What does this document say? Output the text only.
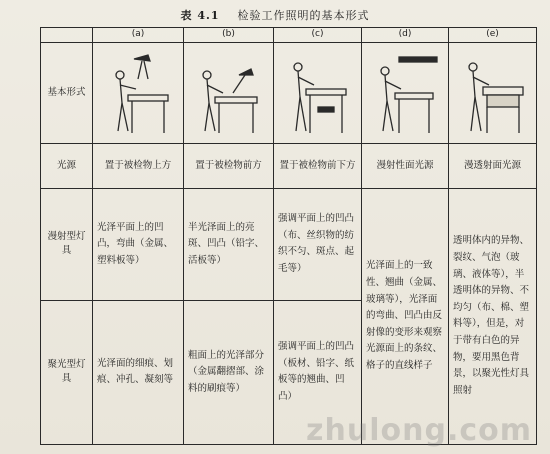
表 4.1 检验工作照明的基本形式
	(a)	(b)	(c)	(d)	(e)
基本形式	

光源	置于被检物上方	置于被检物前方	置于被检物前下方	漫射性面光源	漫透射面光源
漫射型灯具	光泽平面上的凹凸，弯曲（金属、塑料板等）	半光泽面上的亮斑、凹凸（铅字、活板等）	强调平面上的凹凸（布、丝织物的纺织不匀、斑点、起毛等）	光泽面上的一致性、翘曲（金属、玻璃等），光泽面的弯曲、凹凸由反射像的变形来观察光源面上的条纹、格子的直线样子	透明体内的异物、裂纹、气泡（玻璃、液体等），半透明体的异物、不均匀（布、棉、塑料等），但是，对于带有白色的异物，要用黑色背景，以聚光性灯具照射
聚光型灯具	光泽面的细痕、划痕、冲孔、凝刻等	粗面上的光泽部分（金属翻摺部、涂料的刷痕等）	强调平面上的凹凸（板材、铅字、纸板等的翘曲、凹凸）		
zhulong.com
